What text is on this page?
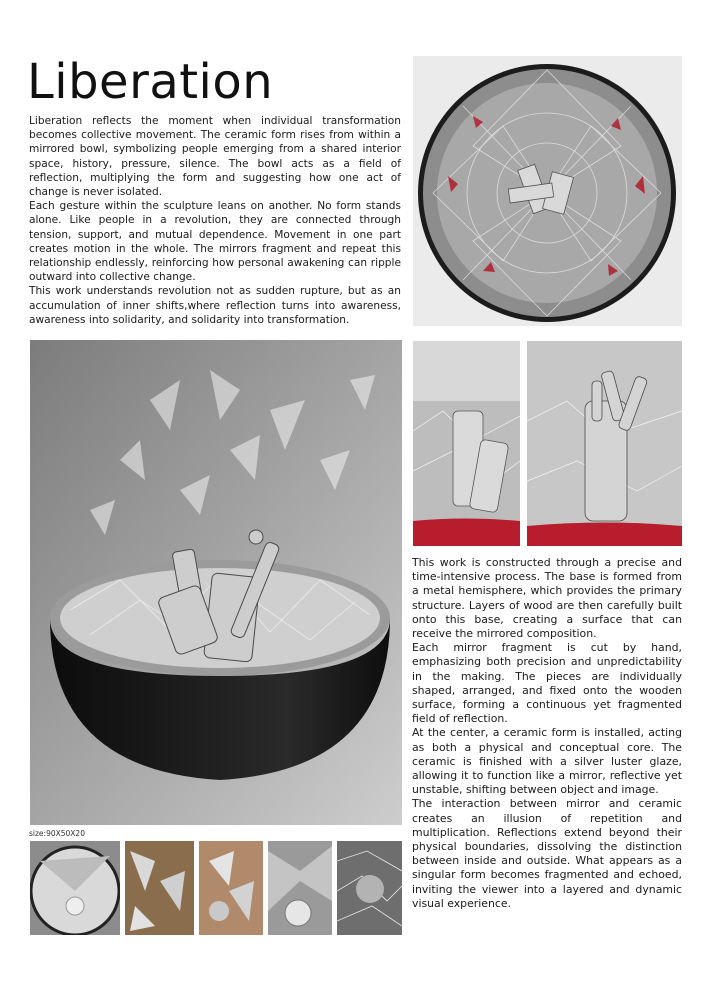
Liberation

Liberation reflects the moment when individual transformation becomes collective movement. The ceramic form rises from within a mirrored bowl, symbolizing people emerging from a shared interior space, history, pressure, silence. The bowl acts as a field of reflection, multiplying the form and suggesting how one act of change is never isolated.

Each gesture within the sculpture leans on another. No form stands alone. Like people in a revolution, they are connected through tension, support, and mutual dependence. Movement in one part creates motion in the whole. The mirrors fragment and repeat this relationship endlessly, reinforcing how personal awakening can ripple outward into collective change.

This work understands revolution not as sudden rupture, but as an accumulation of inner shifts,where reflection turns into awareness, awareness into solidarity, and solidarity into transformation.

This work is constructed through a precise and time-intensive process. The base is formed from a metal hemisphere, which provides the primary structure. Layers of wood are then carefully built onto this base, creating a surface that can receive the mirrored composition.

Each mirror fragment is cut by hand, emphasizing both precision and unpredictability in the making. The pieces are individually shaped, arranged, and fixed onto the wooden surface, forming a continuous yet fragmented field of reflection.

At the center, a ceramic form is installed, acting as both a physical and conceptual core. The ceramic is finished with a silver luster glaze, allowing it to function like a mirror, reflective yet unstable, shifting between object and image.

The interaction between mirror and ceramic creates an illusion of repetition and multiplication. Reflections extend beyond their physical boundaries, dissolving the distinction between inside and outside. What appears as a singular form becomes fragmented and echoed, inviting the viewer into a layered and dynamic visual experience.

size:90X50X20
